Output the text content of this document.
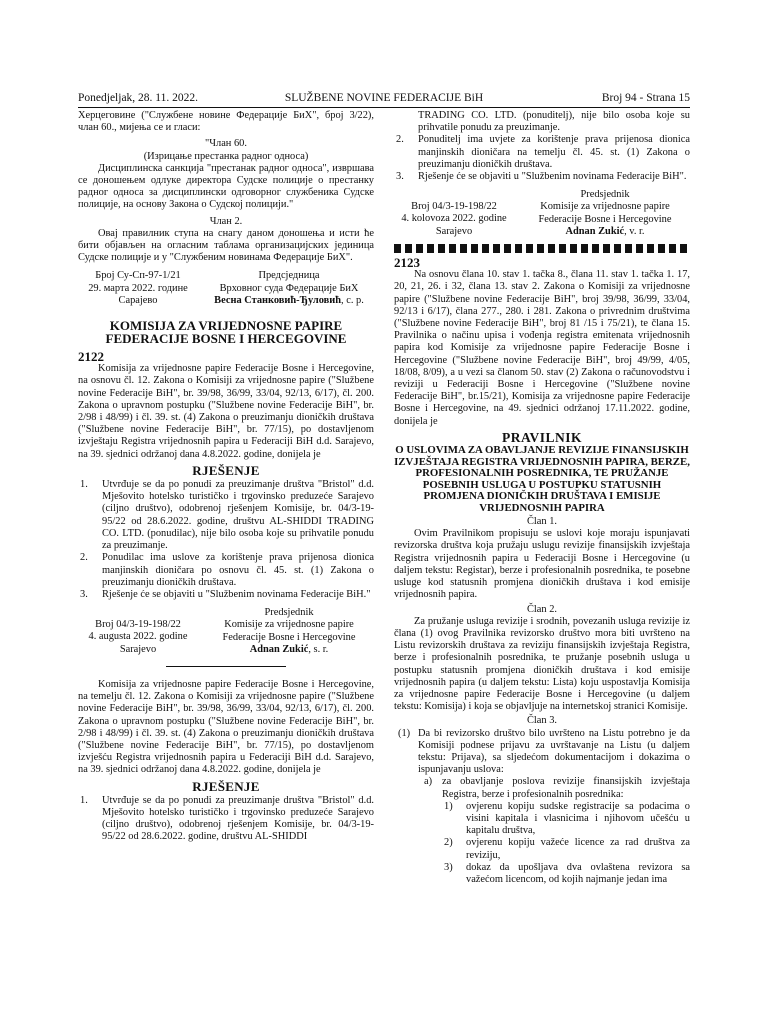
Ponedjeljak, 28. 11. 2022.	SLUŽBENE NOVINE FEDERACIJE BiH	Broj 94 - Strana 15

Херцеговине ("Службене новине Федерације БиХ", број 3/22), члан 60., мијења се и гласи:

"Члан 60.

(Изрицање престанка радног односа)

Дисциплинска санкција "престанак радног односа", извршава се доношењем одлуке директора Судске полиције о престанку радног односа за дисциплински одговорног службеника Судске полиције, на основу Закона о Судској полицији."

Члан 2.

Овај правилник ступа на снагу даном доношења и исти ће бити објављен на огласним таблама организацијских јединица Судске полиције и у "Службеним новинама Федерације БиХ".

Број Су-Сп-97-1/21
29. марта 2022. године
Сарајево
Предсједница
Врховног суда Федерације БиХ
Весна Станковић-Ђуловић, с. р.
KOMISIJA ZA VRIJEDNOSNE PAPIRE FEDERACIJE BOSNE I HERCEGOVINE
2122

Komisija za vrijednosne papire Federacije Bosne i Hercegovine, na osnovu čl. 12. Zakona o Komisiji za vrijednosne papire ("Službene novine Federacije BiH", br. 39/98, 36/99, 33/04, 92/13, 6/17), čl. 200. Zakona o upravnom postupku ("Službene novine Federacije BiH", br. 2/98 i 48/99) i čl. 39. st. (4) Zakona o preuzimanju dioničkih društava ("Službene novine Federacije BiH", br. 77/15), po dostavljenom izvještaju Registra vrijednosnih papira u Federaciji BiH d.d. Sarajevo, na 39. sjednici održanoj dana 4.8.2022. godine, donijela je

RJEŠENJE
1. Utvrđuje se da po ponudi za preuzimanje društva "Bristol" d.d. Mješovito hotelsko turističko i trgovinsko preduzeće Sarajevo (ciljno društvo), odobrenoj rješenjem Komisije, br. 04/3-19-95/22 od 28.6.2022. godine, društvu AL-SHIDDI TRADING CO. LTD. (ponudilac), nije bilo osoba koje su prihvatile ponudu za preuzimanje.
2. Ponudilac ima uslove za korištenje prava prijenosa dionica manjinskih dioničara po osnovu čl. 45. st. (1) Zakona o preuzimanju dioničkih društava.
3. Rješenje će se objaviti u "Službenim novinama Federacije BiH."
Broj 04/3-19-198/22
4. augusta 2022. godine
Sarajevo
Predsjednik
Komisije za vrijednosne papire
Federacije Bosne i Hercegovine
Adnan Zukić, s. r.

Komisija za vrijednosne papire Federacije Bosne i Hercegovine, na temelju čl. 12. Zakona o Komisiji za vrijednosne papire ("Službene novine Federacije BiH", br. 39/98, 36/99, 33/04, 92/13, 6/17), čl. 200. Zakona o upravnom postupku ("Službene novine Federacije BiH", br. 2/98 i 48/99) i čl. 39. st. (4) Zakona o preuzimanju dioničkih društava ("Službene novine Federacije BiH", br. 77/15), po dostavljenom izvješću Registra vrijednosnih papira u Federaciji BiH d.d. Sarajevo, na 39. sjednici održanoj dana 4.8.2022. godine, donijela je

RJEŠENJE
1. Utvrđuje se da po ponudi za preuzimanje društva "Bristol" d.d. Mješovito hotelsko turističko i trgovinsko preduzeće Sarajevo (ciljno društvo), odobrenoj rješenjem Komisije, br. 04/3-19-95/22 od 28.6.2022. godine, društvu AL-SHIDDI

TRADING CO. LTD. (ponuditelj), nije bilo osoba koje su prihvatile ponudu za preuzimanje.

2. Ponuditelj ima uvjete za korištenje prava prijenosa dionica manjinskih dioničara na temelju čl. 45. st. (1) Zakona o preuzimanju dioničkih društava.
3. Rješenje će se objaviti u "Službenim novinama Federacije BiH".
Broj 04/3-19-198/22
4. kolovoza 2022. godine
Sarajevo
Predsjednik
Komisije za vrijednosne papire
Federacije Bosne i Hercegovine
Adnan Zukić, v. r.
2123

Na osnovu člana 10. stav 1. tačka 8., člana 11. stav 1. tačka 1. 17, 20, 21, 26. i 32, člana 13. stav 2. Zakona o Komisiji za vrijednosne papire ("Službene novine Federacije BiH", broj 39/98, 36/99, 33/04, 92/13 i 6/17), člana 277., 280. i 281. Zakona o privrednim društvima ("Službene novine Federacije BiH", broj 81 /15 i 75/21), te člana 15. Pravilnika o načinu upisa i vođenja registra emitenata vrijednosnih papira kod Komisije za vrijednosne papire Federacije Bosne i Hercegovine ("Službene novine Federacije BiH", broj 49/99, 4/05, 18/08, 8/09), a u vezi sa članom 50. stav (2) Zakona o računovodstvu i reviziji u Federaciji Bosne i Hercegovine ("Službene novine Federacije BiH", br.15/21), Komisija za vrijednosne papire Federacije Bosne i Hercegovine, na 49. sjednici održanoj 17.11.2022. godine, donijela je

PRAVILNIK
O USLOVIMA ZA OBAVLJANJE REVIZIJE FINANSIJSKIH IZVJEŠTAJA REGISTRA VRIJEDNOSNIH PAPIRA, BERZE, PROFESIONALNIH POSREDNIKA, TE PRUŽANJE POSEBNIH USLUGA U POSTUPKU STATUSNIH PROMJENA DIONIČKIH DRUŠTAVA I EMISIJE VRIJEDNOSNIH PAPIRA

Član 1.

Ovim Pravilnikom propisuju se uslovi koje moraju ispunjavati revizorska društva koja pružaju uslugu revizije finansijskih izvještaja Registra vrijednosnih papira u Federaciji Bosne i Hercegovine (u daljem tekstu: Registar), berze i profesionalnih posrednika, te posebne usluge kod statusnih promjena dioničkih društava i kod emisije vrijednosnih papira.

Član 2.

Za pružanje usluga revizije i srodnih, povezanih usluga revizije iz člana (1) ovog Pravilnika revizorsko društvo mora biti uvršteno na Listu revizorskih društava za reviziju finansijskih izvještaja Registra, berze i profesionalnih posrednika, te pružanje posebnih usluga u postupku statusnih promjena dioničkih društava i kod emisije vrijednosnih papira (u daljem tekstu: Lista) koju uspostavlja Komisija za vrijednosne papire Federacije Bosne i Hercegovine (u daljem tekstu: Komisija) i koja se objavljuje na internetskoj stranici Komisije.

Član 3.

(1) Da bi revizorsko društvo bilo uvršteno na Listu potrebno je da Komisiji podnese prijavu za uvrštavanje na Listu (u daljem tekstu: Prijava), sa sljedećom dokumentacijom i dokazima o ispunjavanju uslova:
a) za obavljanje poslova revizije finansijskih izvještaja Registra, berze i profesionalnih posrednika:
1) ovjerenu kopiju sudske registracije sa podacima o visini kapitala i vlasnicima i njihovom učešću u kapitalu društva,
2) ovjerenu kopiju važeće licence za rad društva za reviziju,
3) dokaz da upošljava dva ovlaštena revizora sa važećom licencom, od kojih najmanje jedan ima
